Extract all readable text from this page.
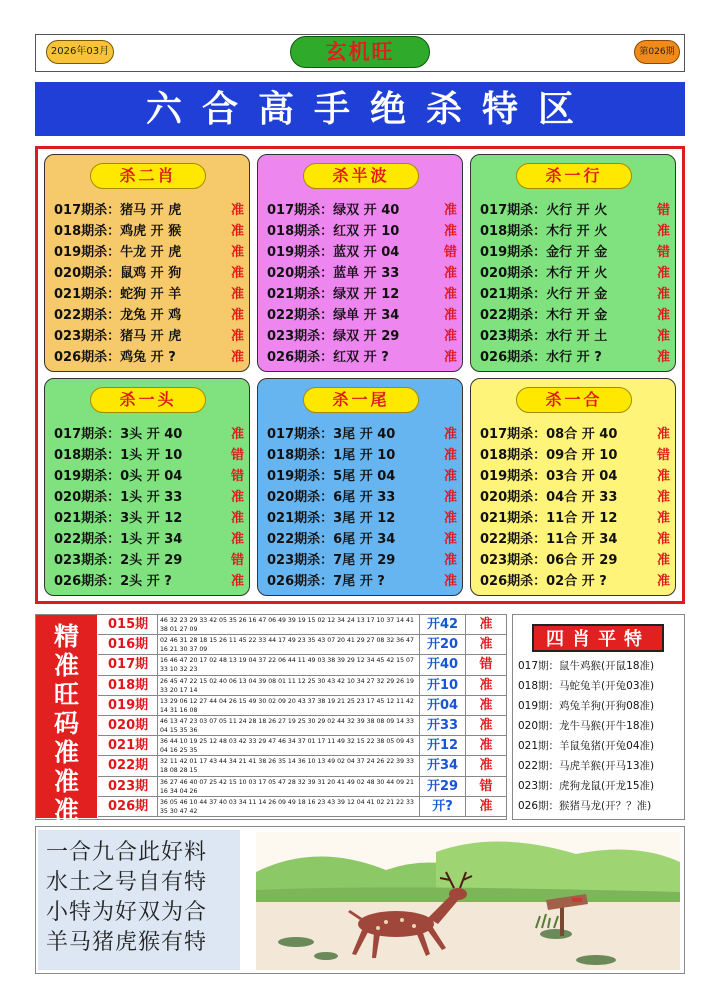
2026年03月	玄机旺	第026期
六合高手绝杀特区
杀二肖
017期杀：猪马 开 虎	准
018期杀：鸡虎 开 猴	准
019期杀：牛龙 开 虎	准
020期杀：鼠鸡 开 狗	准
021期杀：蛇狗 开 羊	准
022期杀：龙兔 开 鸡	准
023期杀：猪马 开 虎	准
026期杀：鸡兔 开 ?	准
杀半波
017期杀：绿双 开 40	准
018期杀：红双 开 10	准
019期杀：蓝双 开 04	错
020期杀：蓝单 开 33	准
021期杀：绿双 开 12	准
022期杀：绿单 开 34	准
023期杀：绿双 开 29	准
026期杀：红双 开 ?	准
杀一行
017期杀：火行 开 火	错
018期杀：木行 开 火	准
019期杀：金行 开 金	错
020期杀：木行 开 火	准
021期杀：火行 开 金	准
022期杀：木行 开 金	准
023期杀：水行 开 土	准
026期杀：水行 开 ?	准
杀一头
017期杀：3头 开 40	准
018期杀：1头 开 10	错
019期杀：0头 开 04	错
020期杀：1头 开 33	准
021期杀：3头 开 12	准
022期杀：1头 开 34	准
023期杀：2头 开 29	错
026期杀：2头 开 ?	准
杀一尾
017期杀：3尾 开 40	准
018期杀：1尾 开 10	准
019期杀：5尾 开 04	准
020期杀：6尾 开 33	准
021期杀：3尾 开 12	准
022期杀：6尾 开 34	准
023期杀：7尾 开 29	准
026期杀：7尾 开 ?	准
杀一合
017期杀：08合 开 40	准
018期杀：09合 开 10	错
019期杀：03合 开 04	准
020期杀：04合 开 33	准
021期杀：11合 开 12	准
022期杀：11合 开 34	准
023期杀：06合 开 29	准
026期杀：02合 开 ?	准
精
准
旺
码
准
准
准
015期	46 32 23 29 33 42 05 35 26 16 47 06 49 39 19 15 02 12 34 24 13 17 10 37 14 41 38 01 27 09	开42	准
016期	02 46 31 28 18 15 26 11 45 22 33 44 17 49 23 35 43 07 20 41 29 27 08 32 36 47 16 21 30 37 09	开20	准
017期	16 46 47 20 17 02 48 13 19 04 37 22 06 44 11 49 03 38 39 29 12 34 45 42 15 07 33 10 32 23	开40	错
018期	26 45 47 22 15 02 40 06 13 04 39 08 01 11 12 25 30 43 42 10 34 27 32 29 26 19 33 20 17 14	开10	准
019期	13 29 06 12 27 44 04 26 15 49 30 02 09 20 43 37 38 19 21 25 23 17 45 12 11 42 14 31 16 08	开04	准
020期	46 13 47 23 03 07 05 11 24 28 18 26 27 19 25 30 29 02 44 32 39 38 08 09 14 33 04 15 35 36	开33	准
021期	36 44 10 19 25 12 48 03 42 33 29 47 46 34 37 01 17 11 49 32 15 22 38 05 09 43 04 16 25 35	开12	准
022期	32 11 42 01 17 43 44 34 21 41 38 26 35 14 36 10 13 49 02 04 37 24 26 22 39 33 18 08 28 15	开34	准
023期	36 27 46 40 07 25 42 15 10 03 17 05 47 28 32 39 31 20 41 49 02 48 30 44 09 21 16 34 04 26	开29	错
026期	36 05 46 10 44 37 40 03 34 11 14 26 09 49 18 16 23 43 39 12 04 41 02 21 22 33 35 30 47 42	开?	准
四肖平特
017期：鼠牛鸡猴(开鼠18准)
018期：马蛇兔羊(开兔03准)
019期：鸡兔羊狗(开狗08准)
020期：龙牛马猴(开牛18准)
021期：羊鼠兔猪(开兔04准)
022期：马虎羊猴(开马13准)
023期：虎狗龙鼠(开龙15准)
026期：猴猪马龙(开？？准)
一合九合此好料
水土之号自有特
小特为好双为合
羊马猪虎猴有特
